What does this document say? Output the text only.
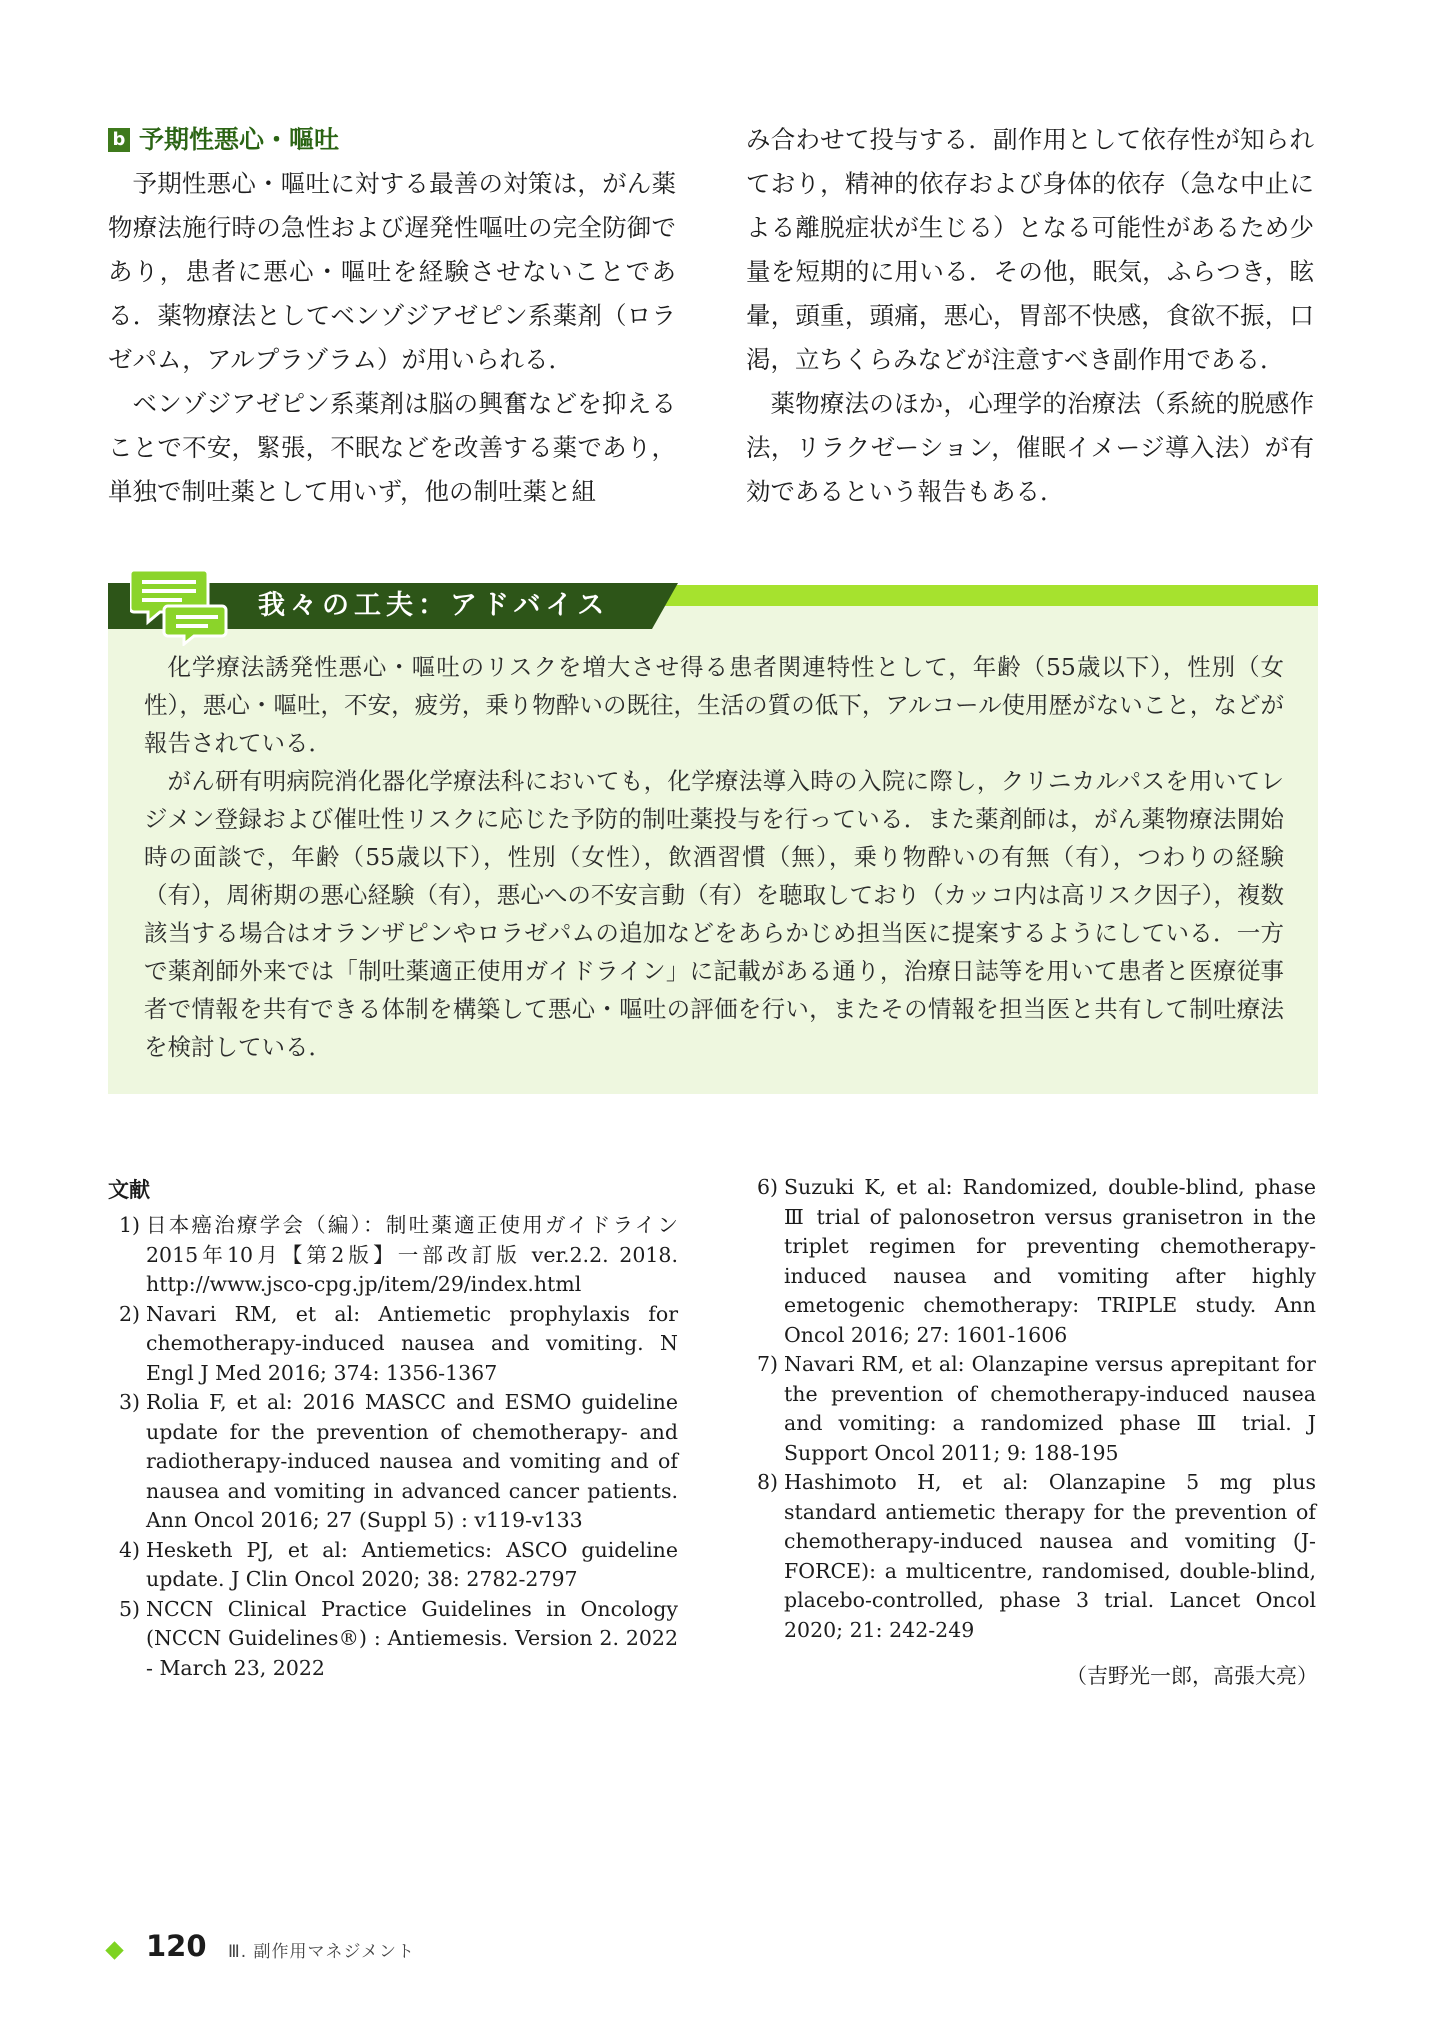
b 予期性悪心・嘔吐

予期性悪心・嘔吐に対する最善の対策は，がん薬物療法施行時の急性および遅発性嘔吐の完全防御であり，患者に悪心・嘔吐を経験させないことである．薬物療法としてベンゾジアゼピン系薬剤（ロラゼパム，アルプラゾラム）が用いられる．

ベンゾジアゼピン系薬剤は脳の興奮などを抑えることで不安，緊張，不眠などを改善する薬であり，単独で制吐薬として用いず，他の制吐薬と組

み合わせて投与する．副作用として依存性が知られており，精神的依存および身体的依存（急な中止による離脱症状が生じる）となる可能性があるため少量を短期的に用いる．その他，眠気，ふらつき，眩暈，頭重，頭痛，悪心，胃部不快感，食欲不振，口渇，立ちくらみなどが注意すべき副作用である．

薬物療法のほか，心理学的治療法（系統的脱感作法，リラクゼーション，催眠イメージ導入法）が有効であるという報告もある．

我々の工夫：アドバイス

化学療法誘発性悪心・嘔吐のリスクを増大させ得る患者関連特性として，年齢（55歳以下），性別（女性），悪心・嘔吐，不安，疲労，乗り物酔いの既往，生活の質の低下，アルコール使用歴がないこと，などが報告されている．

がん研有明病院消化器化学療法科においても，化学療法導入時の入院に際し，クリニカルパスを用いてレジメン登録および催吐性リスクに応じた予防的制吐薬投与を行っている．また薬剤師は，がん薬物療法開始時の面談で，年齢（55歳以下），性別（女性），飲酒習慣（無），乗り物酔いの有無（有），つわりの経験（有），周術期の悪心経験（有），悪心への不安言動（有）を聴取しており（カッコ内は高リスク因子），複数該当する場合はオランザピンやロラゼパムの追加などをあらかじめ担当医に提案するようにしている．一方で薬剤師外来では「制吐薬適正使用ガイドライン」に記載がある通り，治療日誌等を用いて患者と医療従事者で情報を共有できる体制を構築して悪心・嘔吐の評価を行い，またその情報を担当医と共有して制吐療法を検討している．

文献
1) 日本癌治療学会（編）：制吐薬適正使用ガイドライン 2015年10月【第2版】一部改訂版 ver.2.2. 2018. http://www.jsco-cpg.jp/item/29/index.html
2) Navari RM, et al: Antiemetic prophylaxis for chemotherapy-induced nausea and vomiting. N Engl J Med 2016; 374: 1356-1367
3) Rolia F, et al: 2016 MASCC and ESMO guideline update for the prevention of chemotherapy- and radiotherapy-induced nausea and vomiting and of nausea and vomiting in advanced cancer patients. Ann Oncol 2016; 27 (Suppl 5) : v119-v133
4) Hesketh PJ, et al: Antiemetics: ASCO guideline update. J Clin Oncol 2020; 38: 2782-2797
5) NCCN Clinical Practice Guidelines in Oncology (NCCN Guidelines®) : Antiemesis. Version 2. 2022 - March 23, 2022
6) Suzuki K, et al: Randomized, double-blind, phase Ⅲ trial of palonosetron versus granisetron in the triplet regimen for preventing chemotherapy-induced nausea and vomiting after highly emetogenic chemotherapy: TRIPLE study. Ann Oncol 2016; 27: 1601-1606
7) Navari RM, et al: Olanzapine versus aprepitant for the prevention of chemotherapy-induced nausea and vomiting: a randomized phase Ⅲ trial. J Support Oncol 2011; 9: 188-195
8) Hashimoto H, et al: Olanzapine 5 mg plus standard antiemetic therapy for the prevention of chemotherapy-induced nausea and vomiting (J-FORCE): a multicentre, randomised, double-blind, placebo-controlled, phase 3 trial. Lancet Oncol 2020; 21: 242-249
（吉野光一郎，高張大亮）
120 Ⅲ. 副作用マネジメント
